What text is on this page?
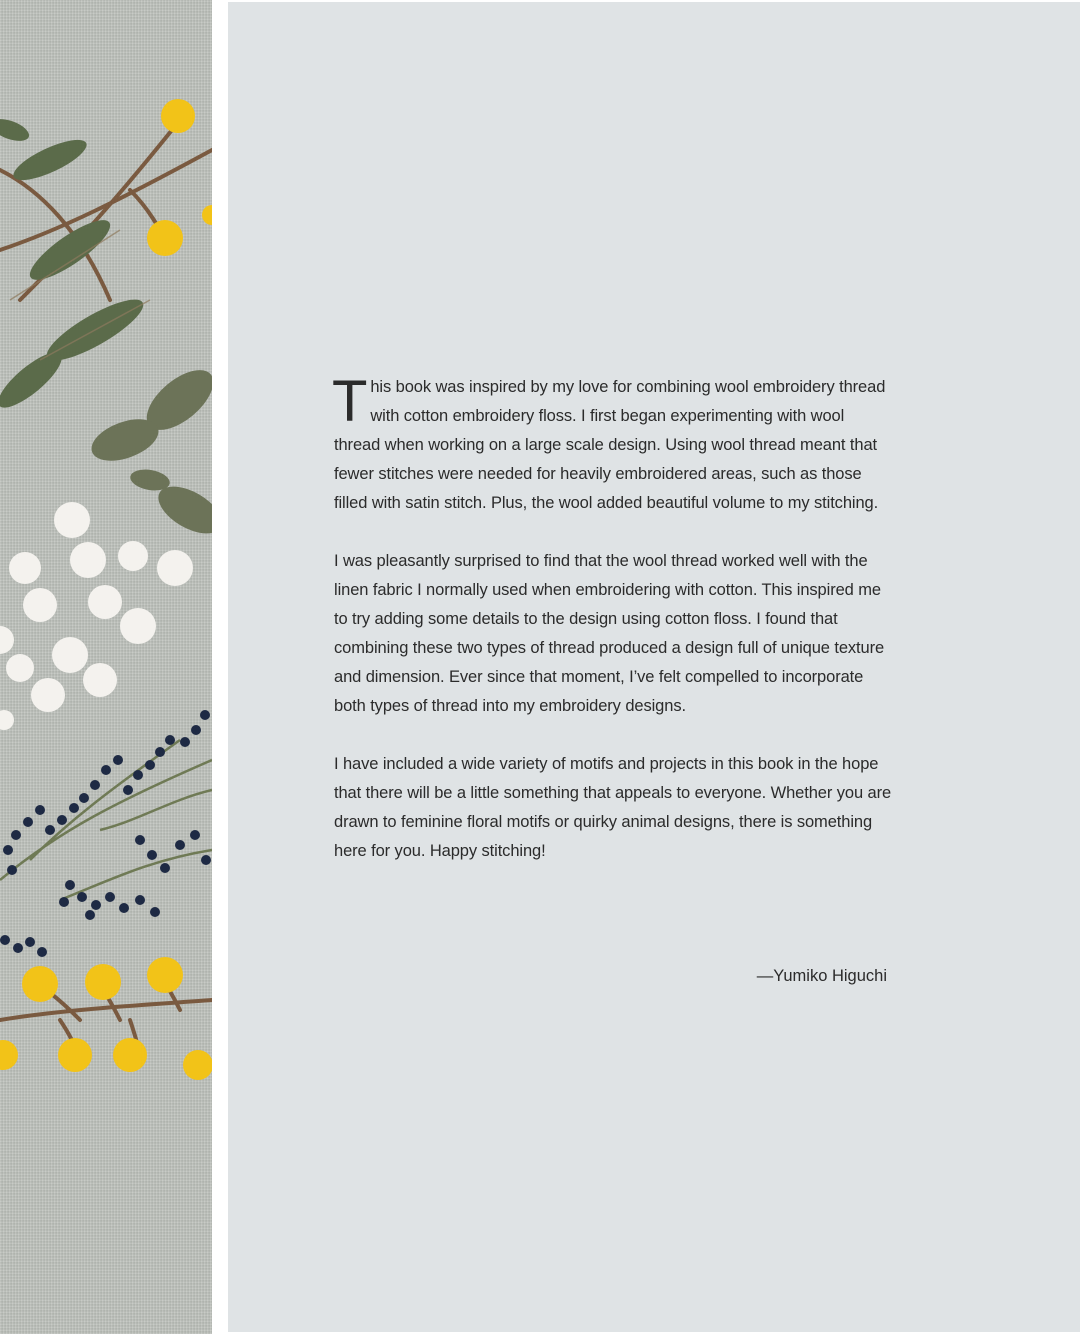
This book was inspired by my love for combining wool embroidery thread with cotton embroidery floss. I first began experimenting with wool thread when working on a large scale design. Using wool thread meant that fewer stitches were needed for heavily embroidered areas, such as those filled with satin stitch. Plus, the wool added beautiful volume to my stitching.

I was pleasantly surprised to find that the wool thread worked well with the linen fabric I normally used when embroidering with cotton. This inspired me to try adding some details to the design using cotton floss. I found that combining these two types of thread produced a design full of unique texture and dimension. Ever since that moment, I’ve felt compelled to incorporate both types of thread into my embroidery designs.

I have included a wide variety of motifs and projects in this book in the hope that there will be a little something that appeals to everyone. Whether you are drawn to feminine floral motifs or quirky animal designs, there is something here for you. Happy stitching!

—Yumiko Higuchi
